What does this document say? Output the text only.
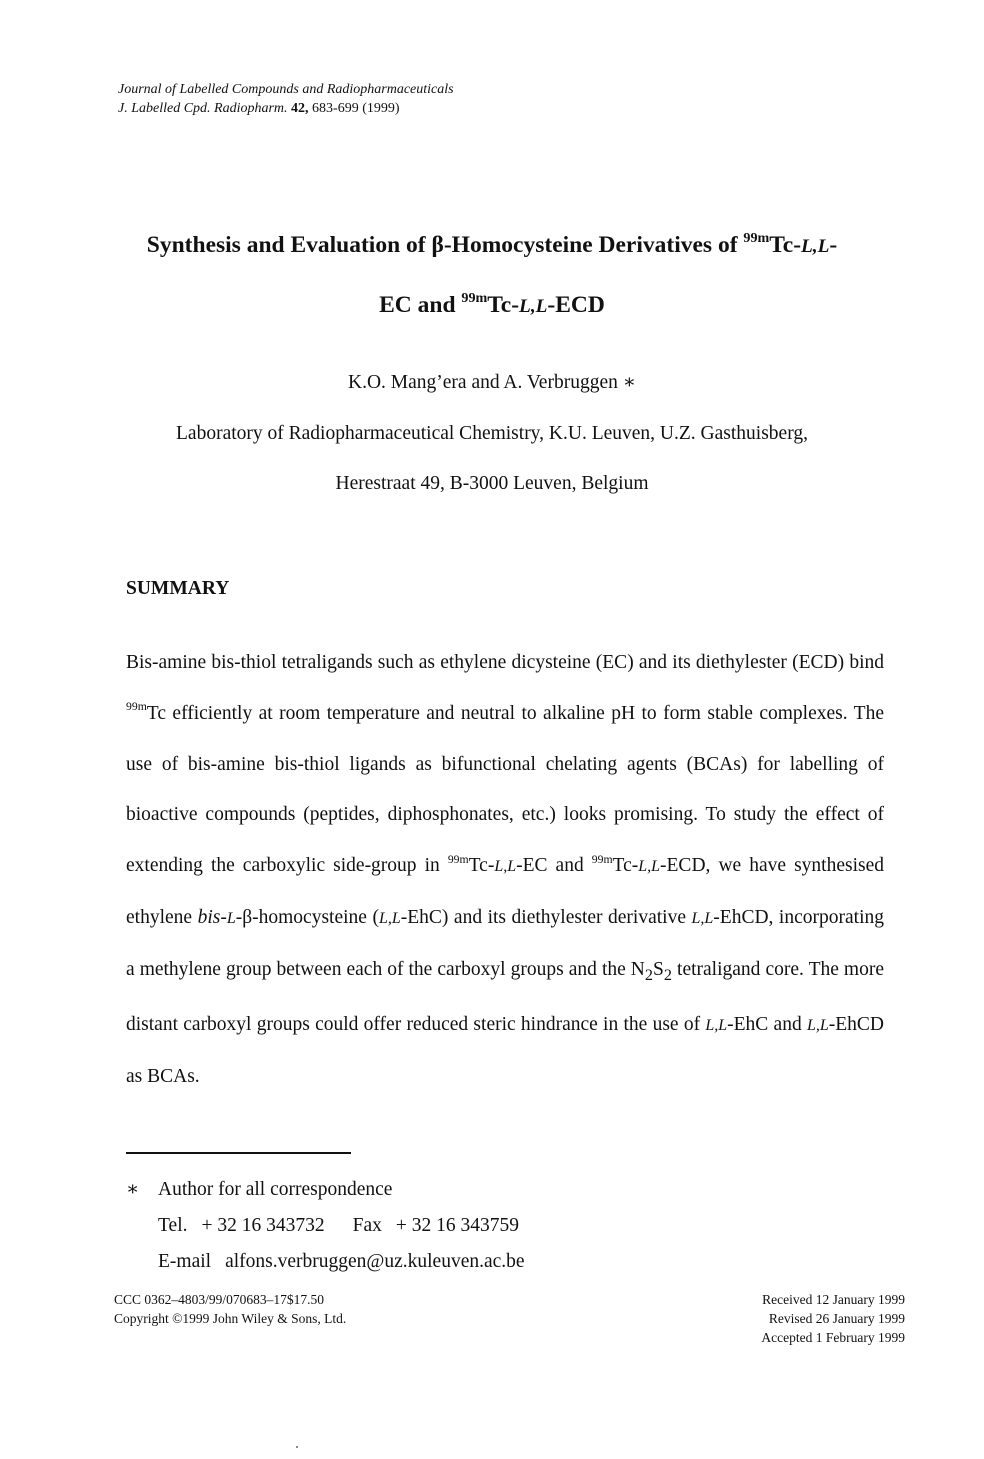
Journal of Labelled Compounds and Radiopharmaceuticals
J. Labelled Cpd. Radiopharm. 42, 683-699 (1999)
Synthesis and Evaluation of β-Homocysteine Derivatives of $^{99m}$Tc-L,L-
EC and $^{99m}$Tc-L,L-ECD
K.O. Mang’era and A. Verbruggen ∗
Laboratory of Radiopharmaceutical Chemistry, K.U. Leuven, U.Z. Gasthuisberg,
Herestraat 49, B-3000 Leuven, Belgium
SUMMARY

Bis-amine bis-thiol tetraligands such as ethylene dicysteine (EC) and its diethylester (ECD) bind $^{99m}$Tc efficiently at room temperature and neutral to alkaline pH to form stable complexes. The use of bis-amine bis-thiol ligands as bifunctional chelating agents (BCAs) for labelling of bioactive compounds (peptides, diphosphonates, etc.) looks promising. To study the effect of extending the carboxylic side-group in $^{99m}$Tc-L,L-EC and $^{99m}$Tc-L,L-ECD, we have synthesised ethylene bis-L-β-homocysteine (L,L-EhC) and its diethylester derivative L,L-EhCD, incorporating a methylene group between each of the carboxyl groups and the $N_2S_2$ tetraligand core. The more distant carboxyl groups could offer reduced steric hindrance in the use of L,L-EhC and L,L-EhCD as BCAs.

∗ Author for all correspondence
Tel. + 32 16 343732 Fax + 32 16 343759
E-mail alfons.verbruggen@uz.kuleuven.ac.be
CCC 0362–4803/99/070683–17$17.50
Copyright ©1999 John Wiley & Sons, Ltd.
Received 12 January 1999
Revised 26 January 1999
Accepted 1 February 1999
